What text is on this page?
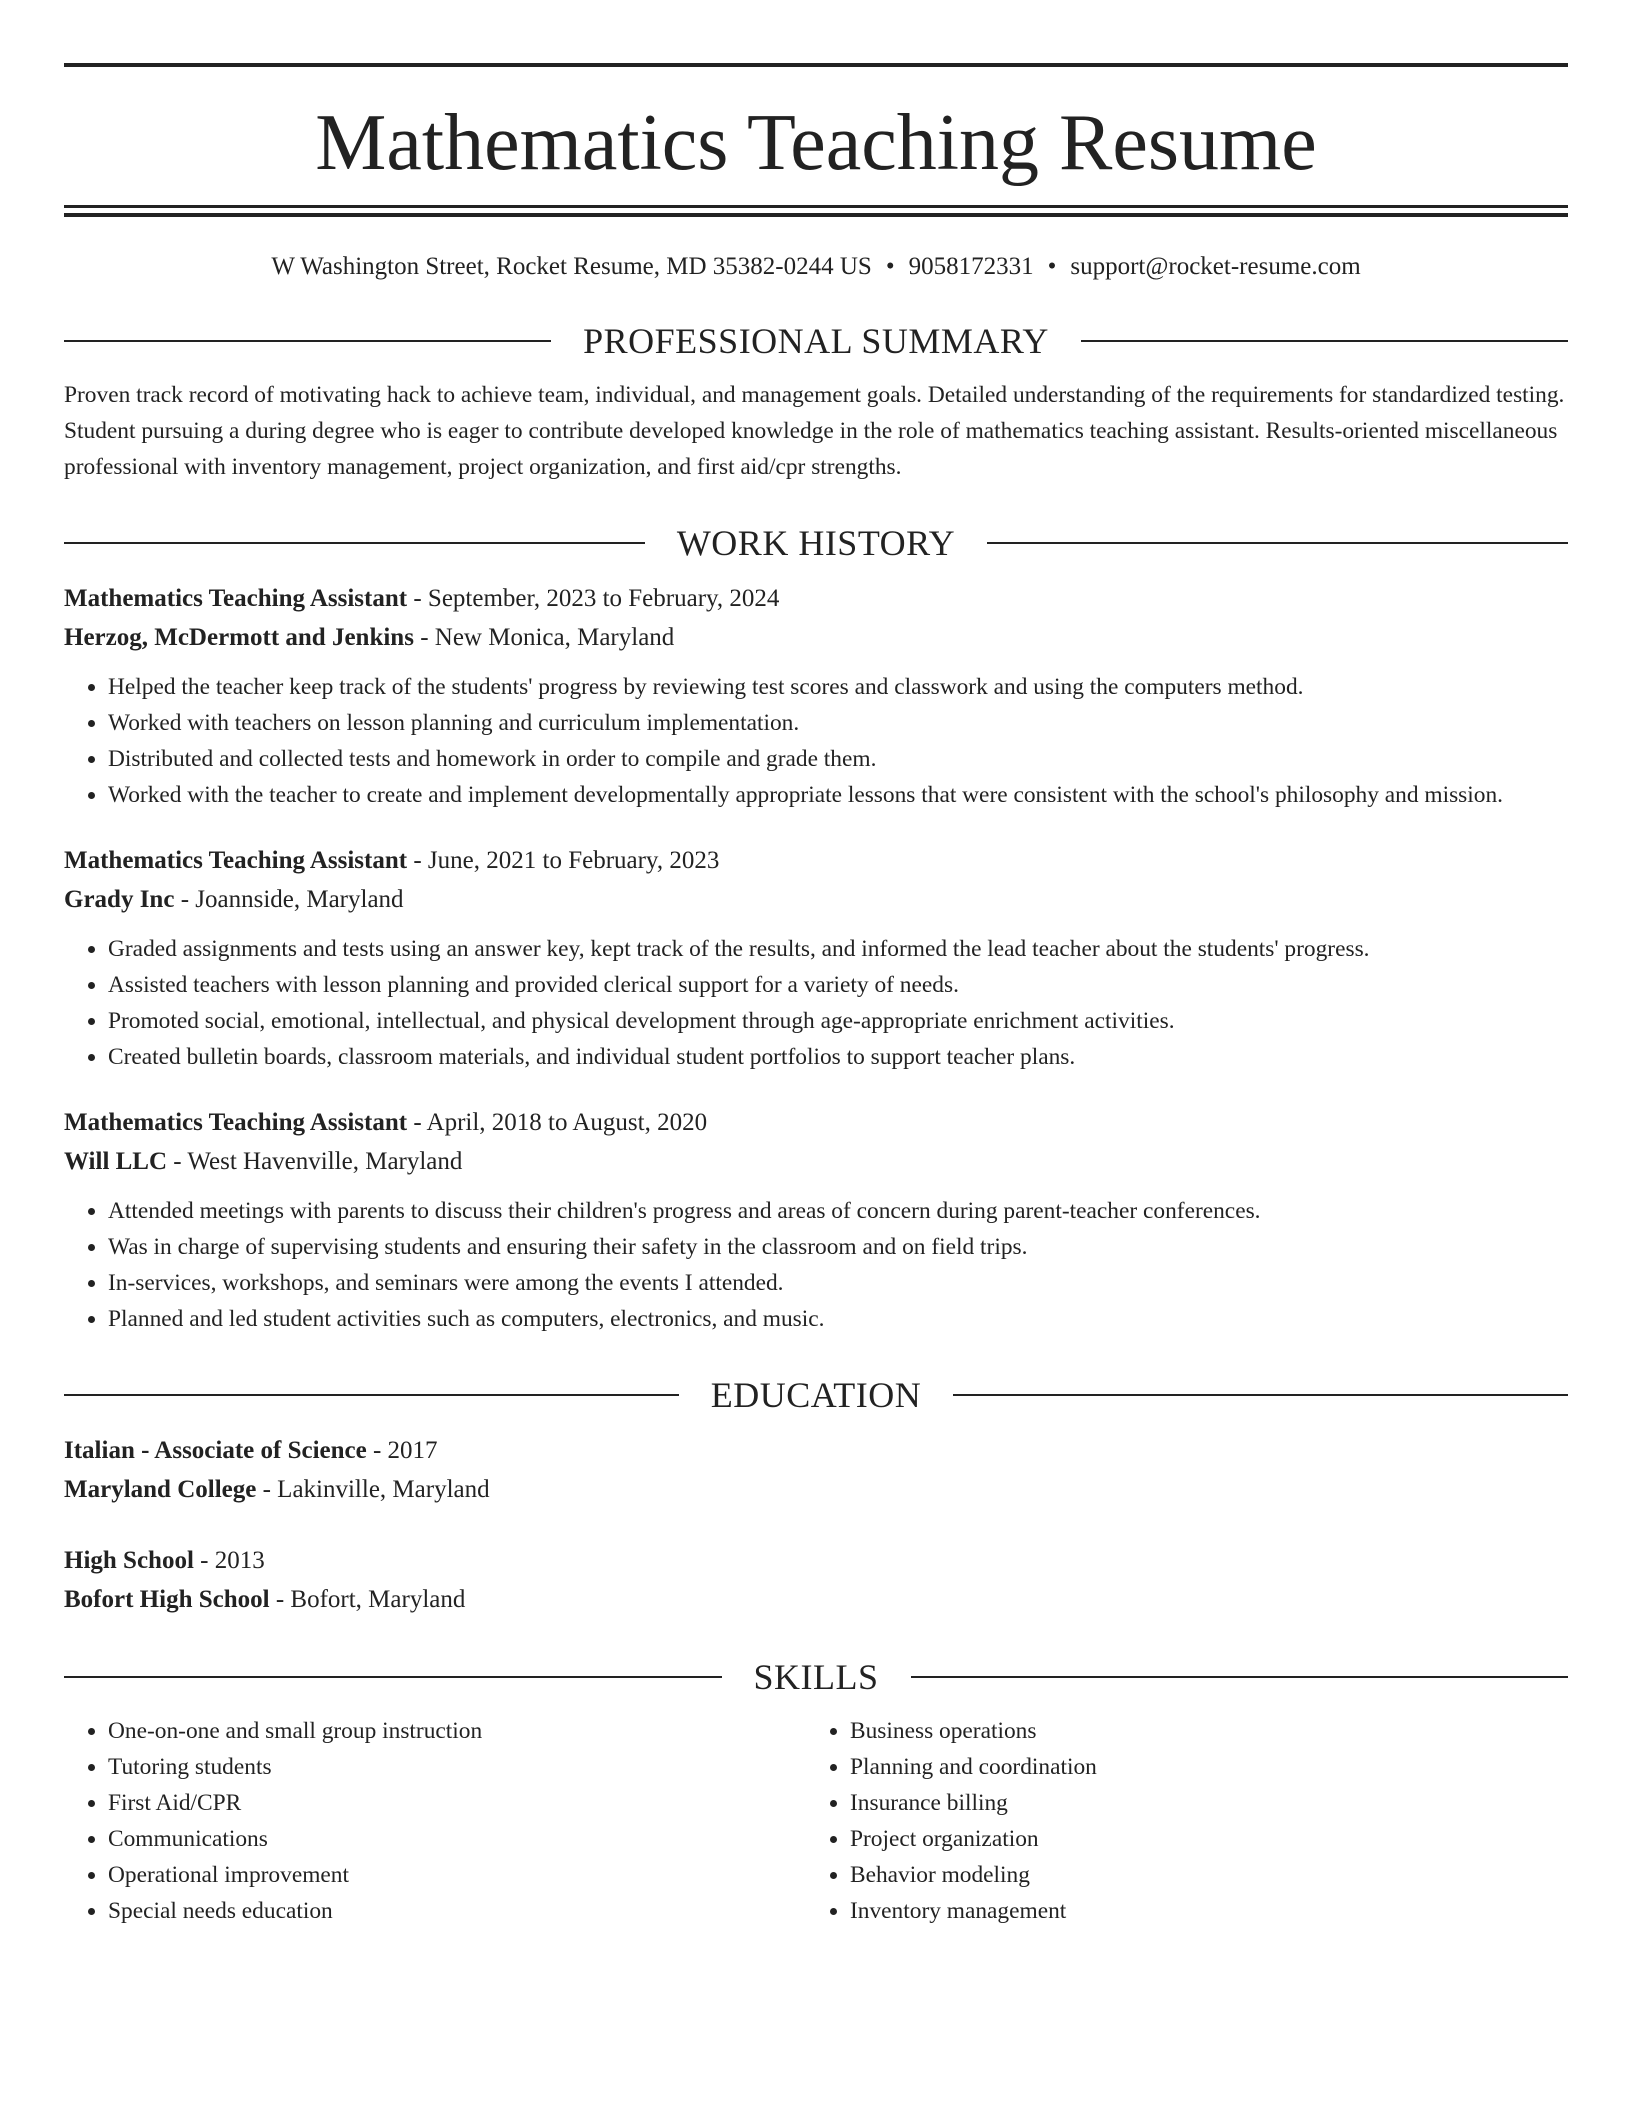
Mathematics Teaching Resume
W Washington Street, Rocket Resume, MD 35382-0244 US • 9058172331 • support@rocket-resume.com
PROFESSIONAL SUMMARY
Proven track record of motivating hack to achieve team, individual, and management goals. Detailed understanding of the requirements for standardized testing. Student pursuing a during degree who is eager to contribute developed knowledge in the role of mathematics teaching assistant. Results-oriented miscellaneous professional with inventory management, project organization, and first aid/cpr strengths.
WORK HISTORY
Mathematics Teaching Assistant - September, 2023 to February, 2024
Herzog, McDermott and Jenkins - New Monica, Maryland
• Helped the teacher keep track of the students' progress by reviewing test scores and classwork and using the computers method.
• Worked with teachers on lesson planning and curriculum implementation.
• Distributed and collected tests and homework in order to compile and grade them.
• Worked with the teacher to create and implement developmentally appropriate lessons that were consistent with the school's philosophy and mission.
Mathematics Teaching Assistant - June, 2021 to February, 2023
Grady Inc - Joannside, Maryland
• Graded assignments and tests using an answer key, kept track of the results, and informed the lead teacher about the students' progress.
• Assisted teachers with lesson planning and provided clerical support for a variety of needs.
• Promoted social, emotional, intellectual, and physical development through age-appropriate enrichment activities.
• Created bulletin boards, classroom materials, and individual student portfolios to support teacher plans.
Mathematics Teaching Assistant - April, 2018 to August, 2020
Will LLC - West Havenville, Maryland
• Attended meetings with parents to discuss their children's progress and areas of concern during parent-teacher conferences.
• Was in charge of supervising students and ensuring their safety in the classroom and on field trips.
• In-services, workshops, and seminars were among the events I attended.
• Planned and led student activities such as computers, electronics, and music.
EDUCATION
Italian - Associate of Science - 2017
Maryland College - Lakinville, Maryland
High School - 2013
Bofort High School - Bofort, Maryland
SKILLS
• One-on-one and small group instruction
• Tutoring students
• First Aid/CPR
• Communications
• Operational improvement
• Special needs education
• Business operations
• Planning and coordination
• Insurance billing
• Project organization
• Behavior modeling
• Inventory management
